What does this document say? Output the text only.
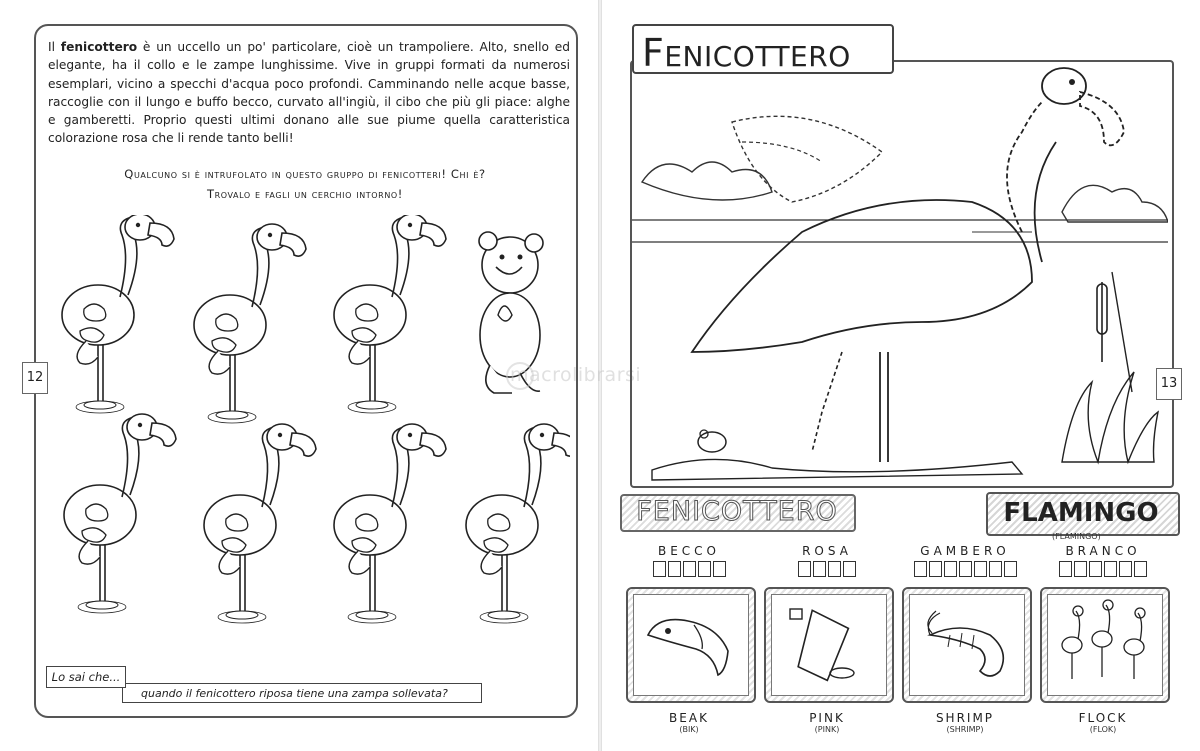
Il fenicottero è un uccello un po' particolare, cioè un trampoliere. Alto, snello ed elegante, ha il collo e le zampe lunghissime. Vive in gruppi formati da numerosi esemplari, vicino a specchi d'acqua poco profondi. Camminando nelle acque basse, raccoglie con il lungo e buffo becco, curvato all'ingiù, il cibo che più gli piace: alghe e gamberetti. Proprio questi ultimi donano alle sue piume quella caratteristica colorazione rosa che li rende tanto belli!
Qualcuno si è intrufolato in questo gruppo di fenicotteri! Chi è?
Trovalo e fagli un cerchio intorno!
12
quando il fenicottero riposa tiene una zampa sollevata?
Lo sai che...
macrolibrarsi
FENICOTTERO
13
FENICOTTERO	FLAMINGO
(FLAMINGO)
BECCO
BEAK
(BIK)
ROSA
PINK
(PINK)
GAMBERO
SHRIMP
(SHRIMP)
BRANCO
FLOCK
(FLOK)
